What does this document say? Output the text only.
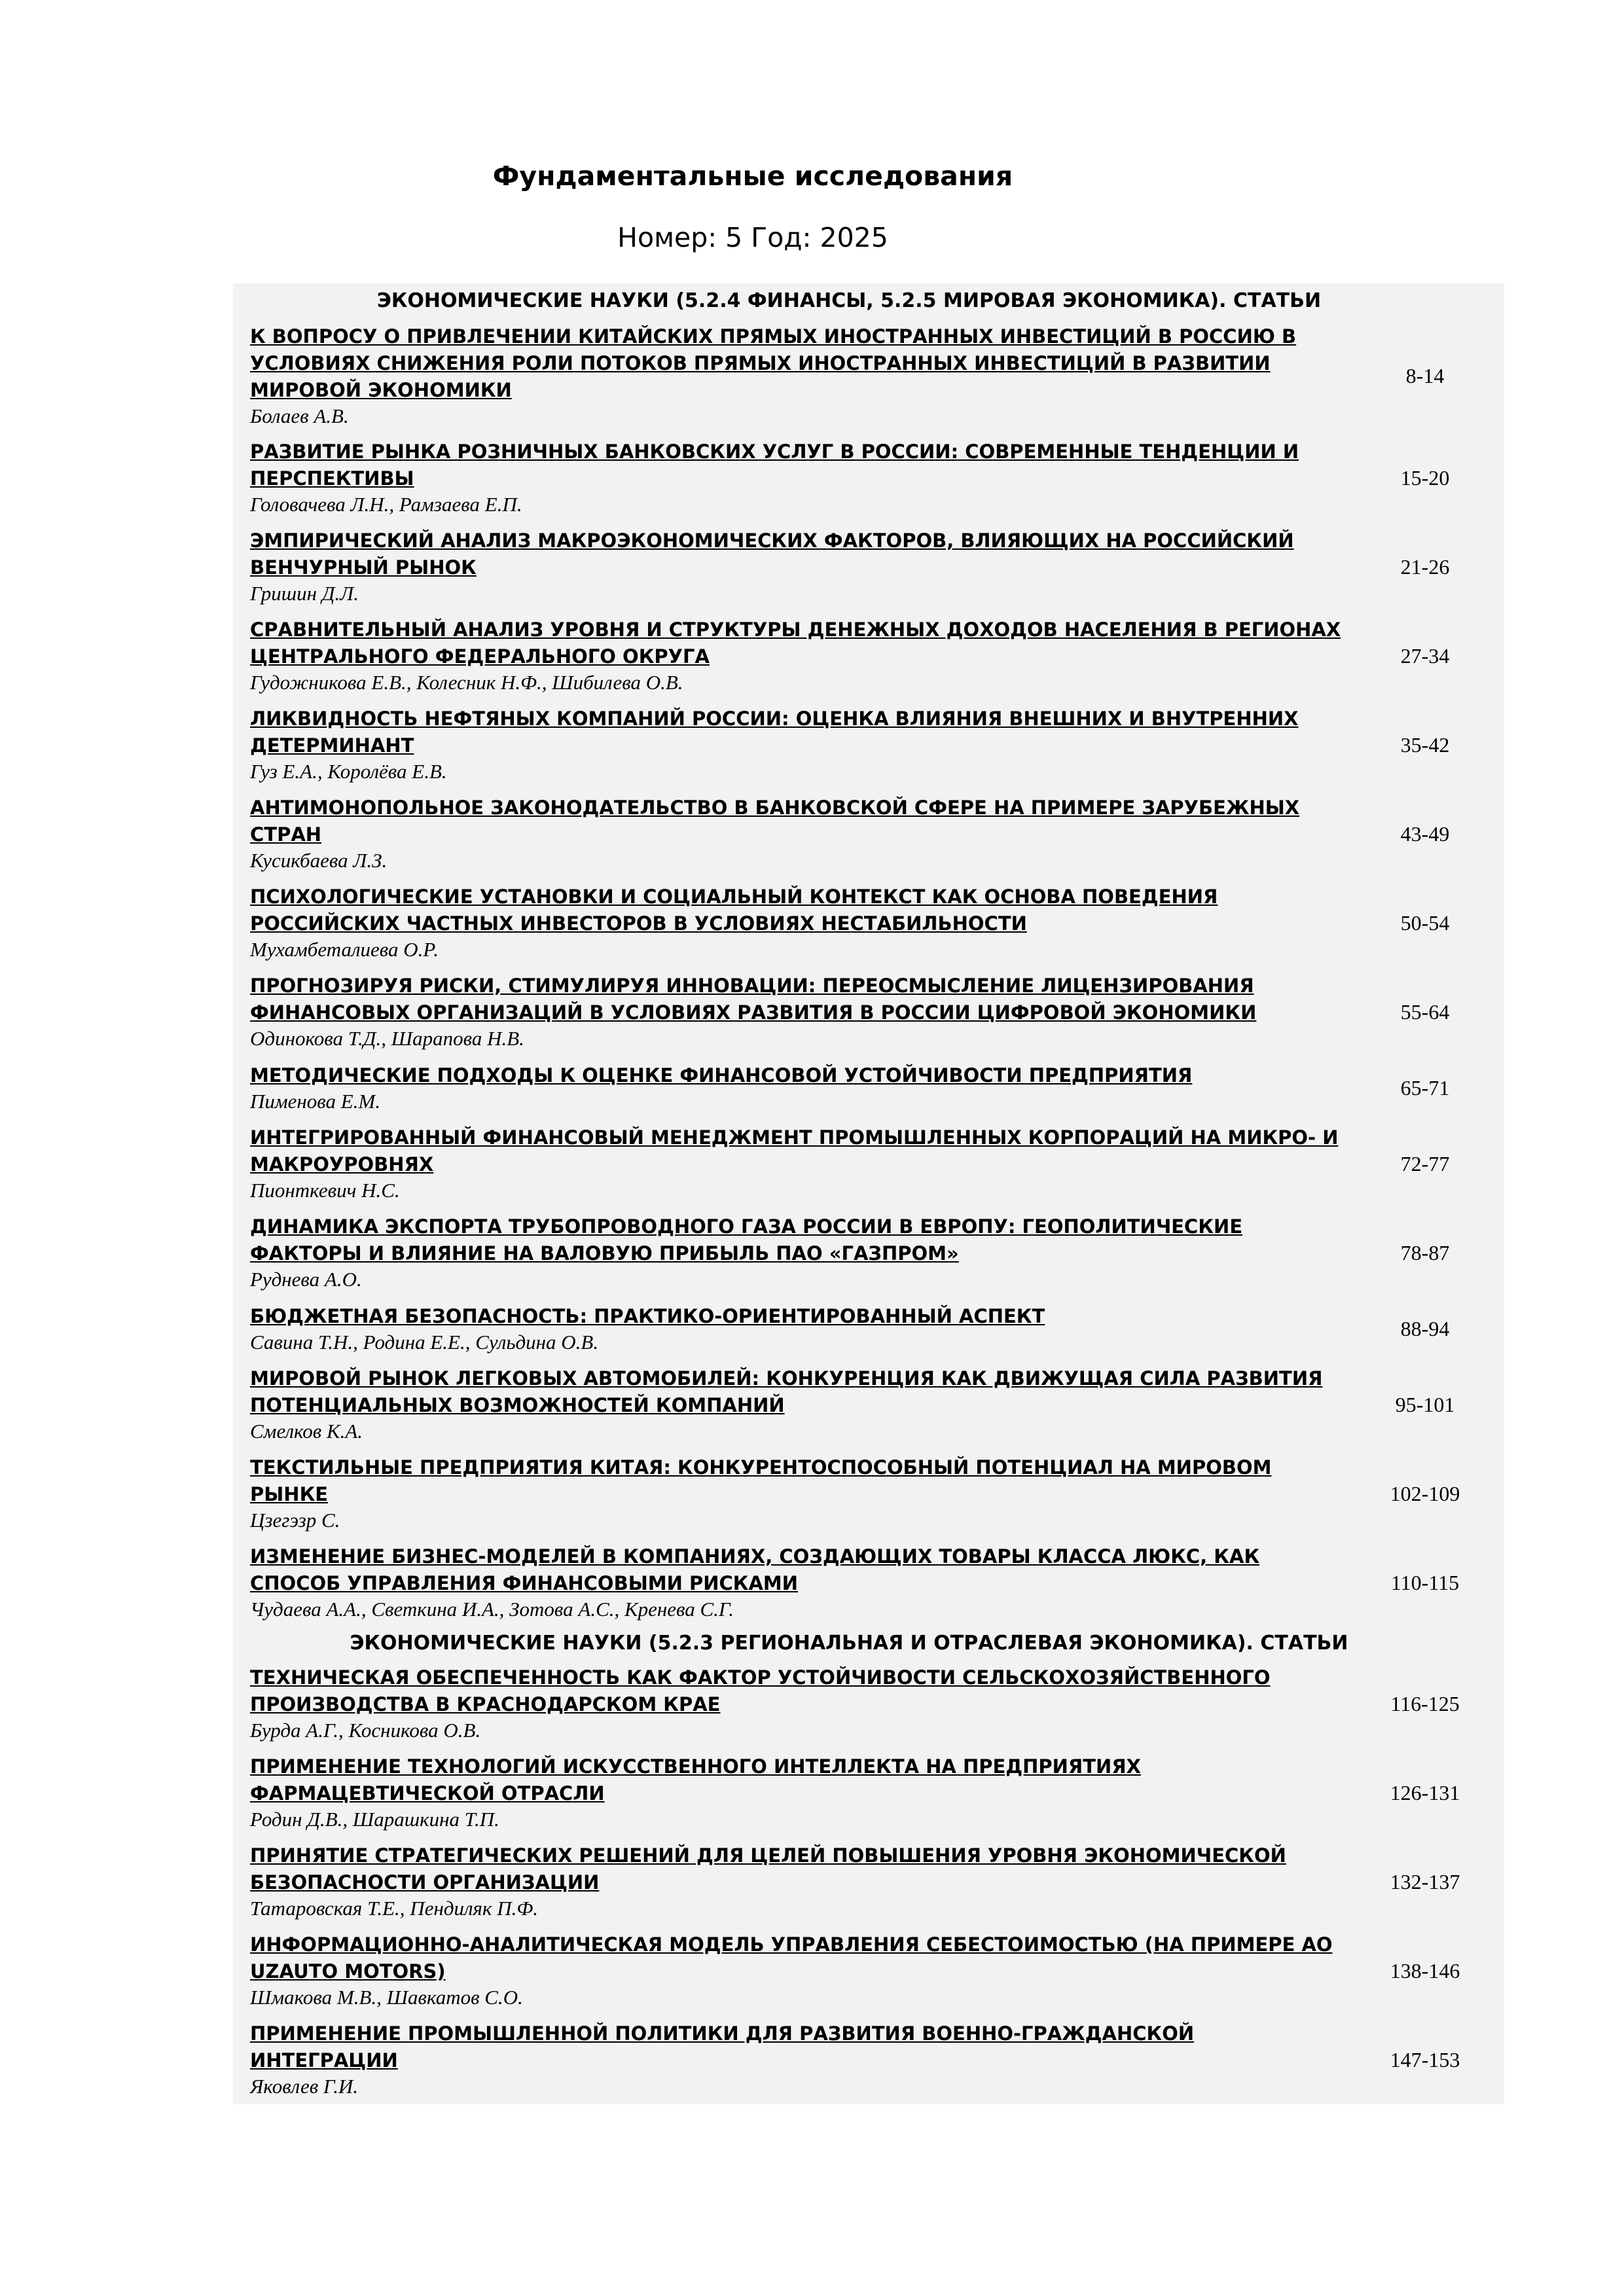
Фундаментальные исследования
Номер: 5 Год: 2025
ЭКОНОМИЧЕСКИЕ НАУКИ (5.2.4 ФИНАНСЫ, 5.2.5 МИРОВАЯ ЭКОНОМИКА). СТАТЬИ
К ВОПРОСУ О ПРИВЛЕЧЕНИИ КИТАЙСКИХ ПРЯМЫХ ИНОСТРАННЫХ ИНВЕСТИЦИЙ В РОССИЮ В УСЛОВИЯХ СНИЖЕНИЯ РОЛИ ПОТОКОВ ПРЯМЫХ ИНОСТРАННЫХ ИНВЕСТИЦИЙ В РАЗВИТИИ МИРОВОЙ ЭКОНОМИКИ
Болаев А.В.
8-14
РАЗВИТИЕ РЫНКА РОЗНИЧНЫХ БАНКОВСКИХ УСЛУГ В РОССИИ: СОВРЕМЕННЫЕ ТЕНДЕНЦИИ И ПЕРСПЕКТИВЫ
Головачева Л.Н., Рамзаева Е.П.
15-20
ЭМПИРИЧЕСКИЙ АНАЛИЗ МАКРОЭКОНОМИЧЕСКИХ ФАКТОРОВ, ВЛИЯЮЩИХ НА РОССИЙСКИЙ ВЕНЧУРНЫЙ РЫНОК
Гришин Д.Л.
21-26
СРАВНИТЕЛЬНЫЙ АНАЛИЗ УРОВНЯ И СТРУКТУРЫ ДЕНЕЖНЫХ ДОХОДОВ НАСЕЛЕНИЯ В РЕГИОНАХ ЦЕНТРАЛЬНОГО ФЕДЕРАЛЬНОГО ОКРУГА
Гудожникова Е.В., Колесник Н.Ф., Шибилева О.В.
27-34
ЛИКВИДНОСТЬ НЕФТЯНЫХ КОМПАНИЙ РОССИИ: ОЦЕНКА ВЛИЯНИЯ ВНЕШНИХ И ВНУТРЕННИХ ДЕТЕРМИНАНТ
Гуз Е.А., Королёва Е.В.
35-42
АНТИМОНОПОЛЬНОЕ ЗАКОНОДАТЕЛЬСТВО В БАНКОВСКОЙ СФЕРЕ НА ПРИМЕРЕ ЗАРУБЕЖНЫХ СТРАН
Кусикбаева Л.З.
43-49
ПСИХОЛОГИЧЕСКИЕ УСТАНОВКИ И СОЦИАЛЬНЫЙ КОНТЕКСТ КАК ОСНОВА ПОВЕДЕНИЯ РОССИЙСКИХ ЧАСТНЫХ ИНВЕСТОРОВ В УСЛОВИЯХ НЕСТАБИЛЬНОСТИ
Мухамбеталиева О.Р.
50-54
ПРОГНОЗИРУЯ РИСКИ, СТИМУЛИРУЯ ИННОВАЦИИ: ПЕРЕОСМЫСЛЕНИЕ ЛИЦЕНЗИРОВАНИЯ ФИНАНСОВЫХ ОРГАНИЗАЦИЙ В УСЛОВИЯХ РАЗВИТИЯ В РОССИИ ЦИФРОВОЙ ЭКОНОМИКИ
Одинокова Т.Д., Шарапова Н.В.
55-64
МЕТОДИЧЕСКИЕ ПОДХОДЫ К ОЦЕНКЕ ФИНАНСОВОЙ УСТОЙЧИВОСТИ ПРЕДПРИЯТИЯ
Пименова Е.М.
65-71
ИНТЕГРИРОВАННЫЙ ФИНАНСОВЫЙ МЕНЕДЖМЕНТ ПРОМЫШЛЕННЫХ КОРПОРАЦИЙ НА МИКРО- И МАКРОУРОВНЯХ
Пионткевич Н.С.
72-77
ДИНАМИКА ЭКСПОРТА ТРУБОПРОВОДНОГО ГАЗА РОССИИ В ЕВРОПУ: ГЕОПОЛИТИЧЕСКИЕ ФАКТОРЫ И ВЛИЯНИЕ НА ВАЛОВУЮ ПРИБЫЛЬ ПАО «ГАЗПРОМ»
Руднева А.О.
78-87
БЮДЖЕТНАЯ БЕЗОПАСНОСТЬ: ПРАКТИКО-ОРИЕНТИРОВАННЫЙ АСПЕКТ
Савина Т.Н., Родина Е.Е., Сульдина О.В.
88-94
МИРОВОЙ РЫНОК ЛЕГКОВЫХ АВТОМОБИЛЕЙ: КОНКУРЕНЦИЯ КАК ДВИЖУЩАЯ СИЛА РАЗВИТИЯ ПОТЕНЦИАЛЬНЫХ ВОЗМОЖНОСТЕЙ КОМПАНИЙ
Смелков К.А.
95-101
ТЕКСТИЛЬНЫЕ ПРЕДПРИЯТИЯ КИТАЯ: КОНКУРЕНТОСПОСОБНЫЙ ПОТЕНЦИАЛ НА МИРОВОМ РЫНКЕ
Цзегэзр С.
102-109
ИЗМЕНЕНИЕ БИЗНЕС-МОДЕЛЕЙ В КОМПАНИЯХ, СОЗДАЮЩИХ ТОВАРЫ КЛАССА ЛЮКС, КАК СПОСОБ УПРАВЛЕНИЯ ФИНАНСОВЫМИ РИСКАМИ
Чудаева А.А., Светкина И.А., Зотова А.С., Кренева С.Г.
110-115
ЭКОНОМИЧЕСКИЕ НАУКИ (5.2.3 РЕГИОНАЛЬНАЯ И ОТРАСЛЕВАЯ ЭКОНОМИКА). СТАТЬИ
ТЕХНИЧЕСКАЯ ОБЕСПЕЧЕННОСТЬ КАК ФАКТОР УСТОЙЧИВОСТИ СЕЛЬСКОХОЗЯЙСТВЕННОГО ПРОИЗВОДСТВА В КРАСНОДАРСКОМ КРАЕ
Бурда А.Г., Косникова О.В.
116-125
ПРИМЕНЕНИЕ ТЕХНОЛОГИЙ ИСКУССТВЕННОГО ИНТЕЛЛЕКТА НА ПРЕДПРИЯТИЯХ ФАРМАЦЕВТИЧЕСКОЙ ОТРАСЛИ
Родин Д.В., Шарашкина Т.П.
126-131
ПРИНЯТИЕ СТРАТЕГИЧЕСКИХ РЕШЕНИЙ ДЛЯ ЦЕЛЕЙ ПОВЫШЕНИЯ УРОВНЯ ЭКОНОМИЧЕСКОЙ БЕЗОПАСНОСТИ ОРГАНИЗАЦИИ
Татаровская Т.Е., Пендиляк П.Ф.
132-137
ИНФОРМАЦИОННО-АНАЛИТИЧЕСКАЯ МОДЕЛЬ УПРАВЛЕНИЯ СЕБЕСТОИМОСТЬЮ (НА ПРИМЕРЕ АО UZAUTO MOTORS)
Шмакова М.В., Шавкатов С.О.
138-146
ПРИМЕНЕНИЕ ПРОМЫШЛЕННОЙ ПОЛИТИКИ ДЛЯ РАЗВИТИЯ ВОЕННО-ГРАЖДАНСКОЙ ИНТЕГРАЦИИ
Яковлев Г.И.
147-153
